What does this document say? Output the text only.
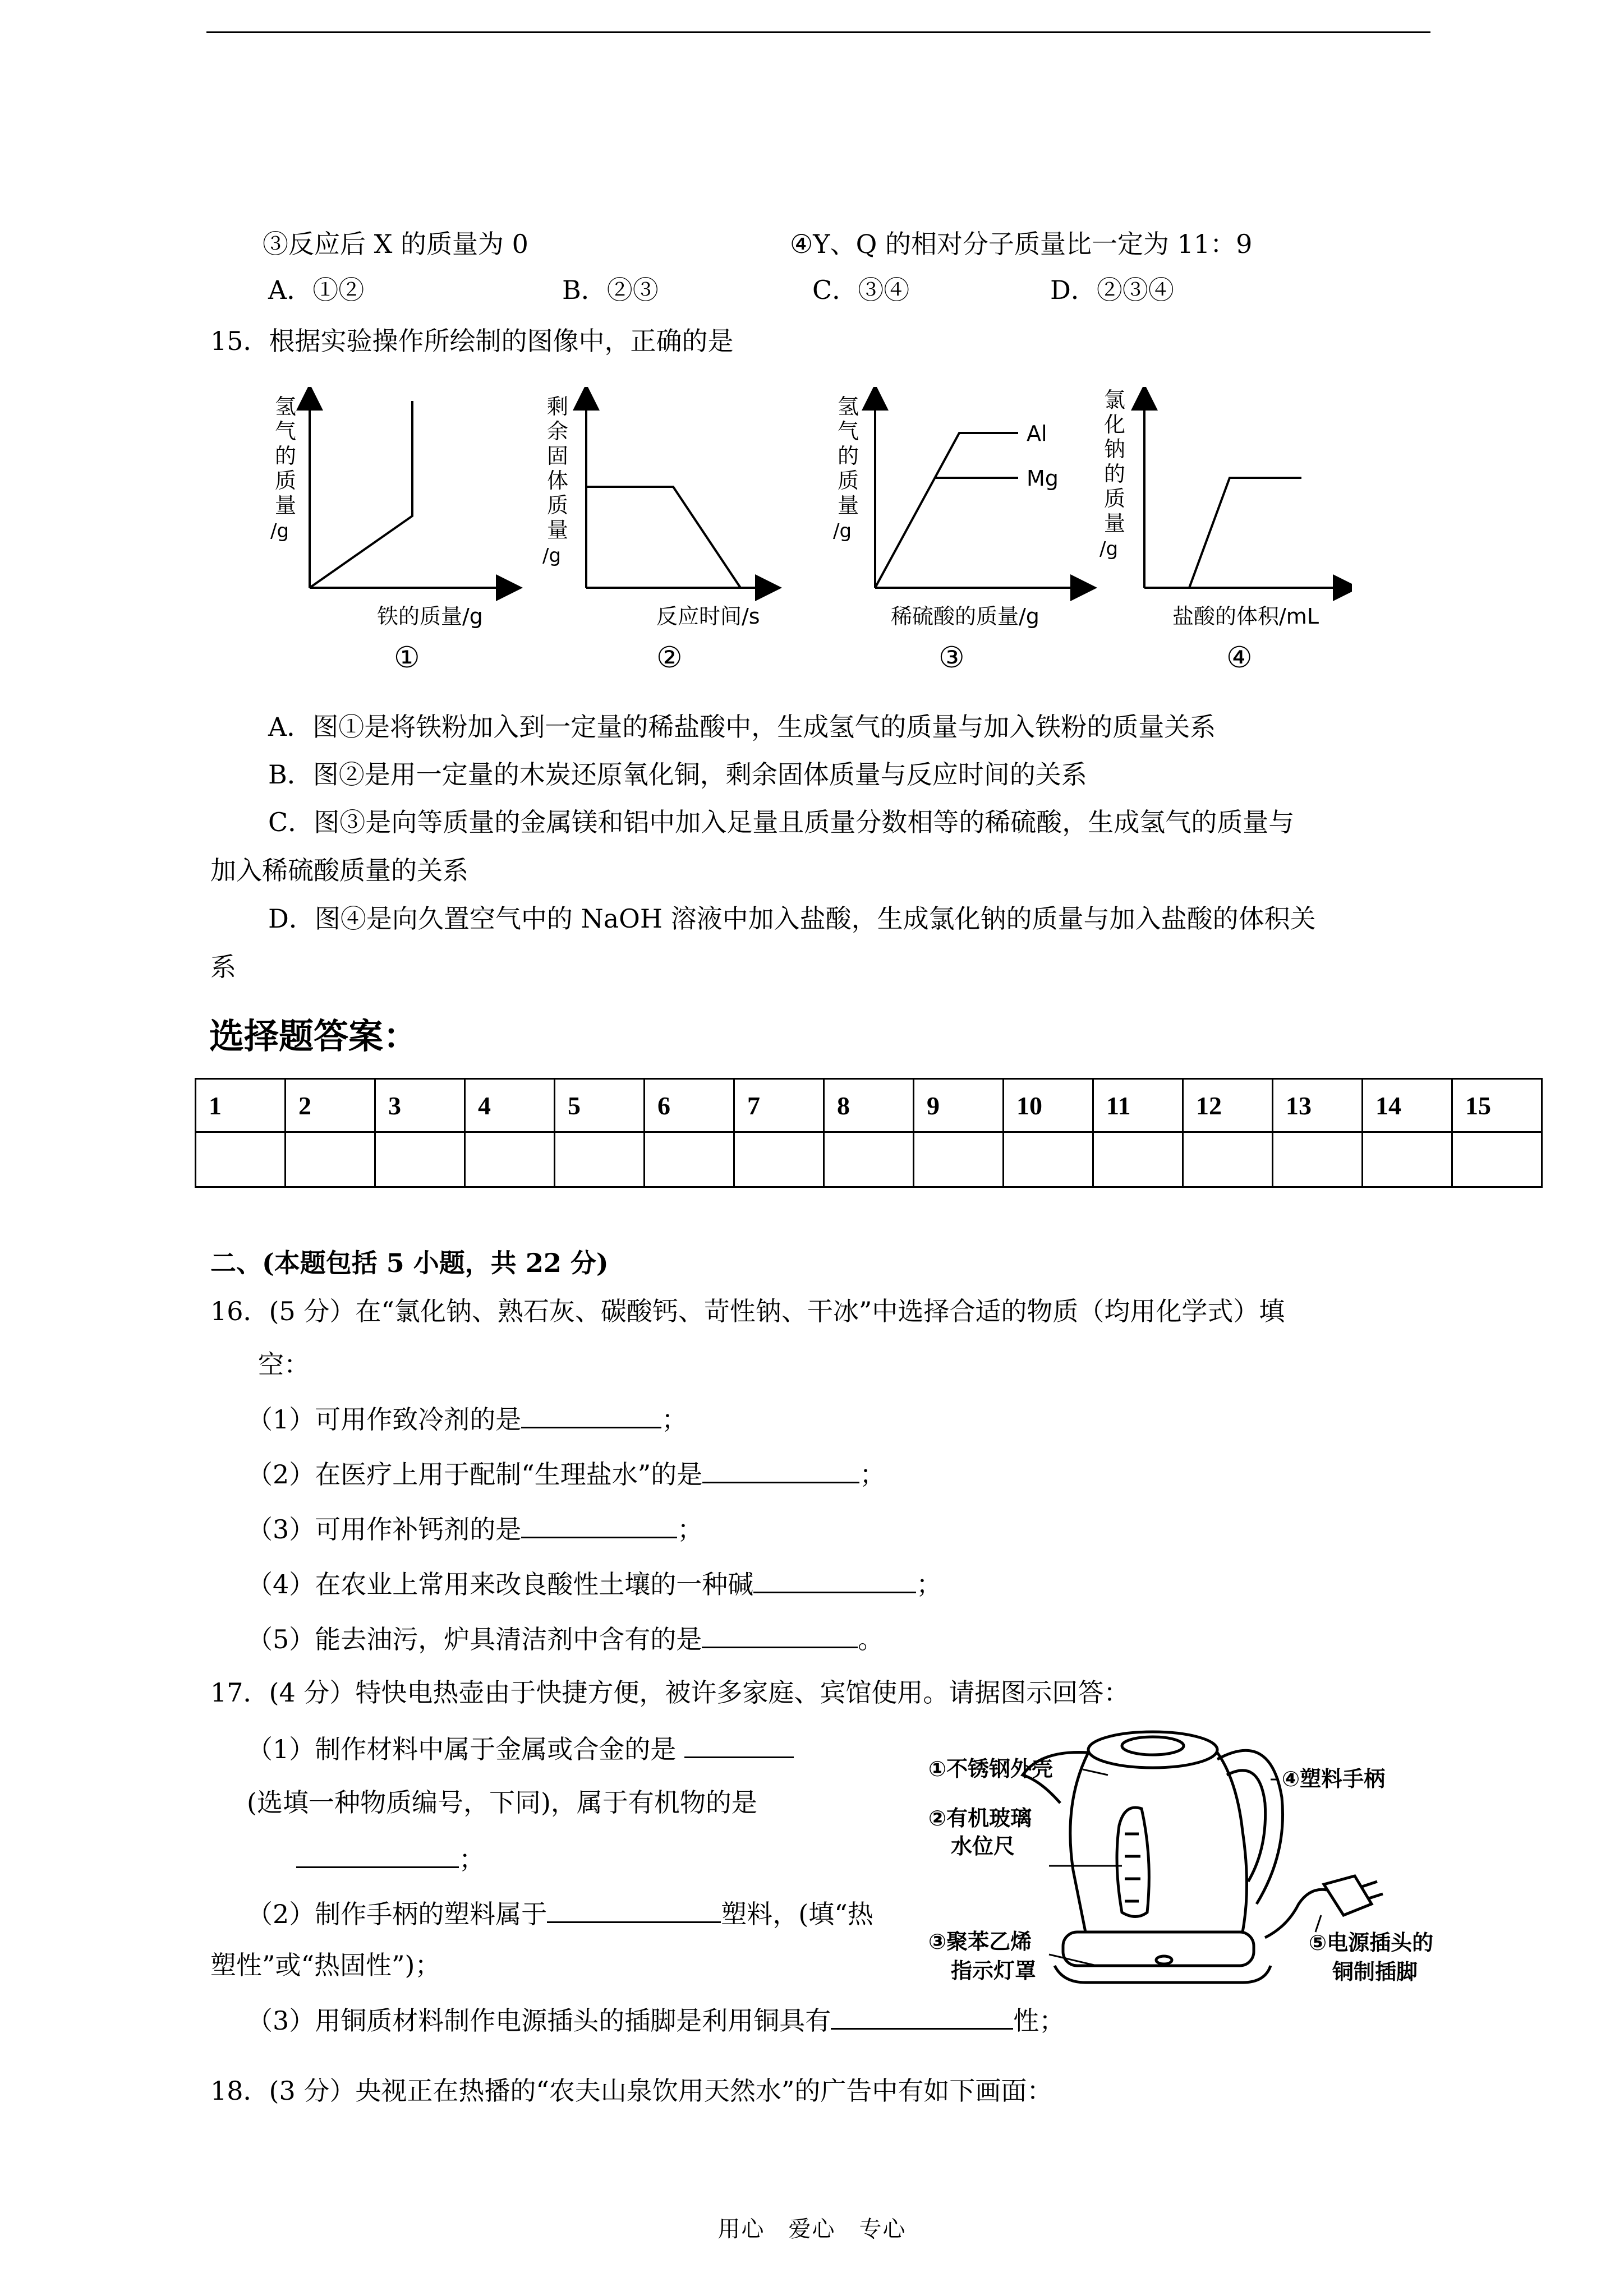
③反应后 X 的质量为 0	④Y、Q 的相对分子质量比一定为 11：9
A．①②	B．②③	C．③④	D．②③④
15．根据实验操作所绘制的图像中，正确的是
氢
气
的
质
量
/g
铁的质量/g
①
剩
余
固
体
质
量
/g
反应时间/s
②
Al
Mg
氢
气
的
质
量
/g
稀硫酸的质量/g
③
氯
化
钠
的
质
量
/g
盐酸的体积/mL
④
A．图①是将铁粉加入到一定量的稀盐酸中，生成氢气的质量与加入铁粉的质量关系
B．图②是用一定量的木炭还原氧化铜，剩余固体质量与反应时间的关系
C．图③是向等质量的金属镁和铝中加入足量且质量分数相等的稀硫酸，生成氢气的质量与
加入稀硫酸质量的关系
D．图④是向久置空气中的 NaOH 溶液中加入盐酸，生成氯化钠的质量与加入盐酸的体积关
系
选择题答案：
1	2	3	4	5	6	7	8	9	10	11	12	13	14	15

二、(本题包括 5 小题，共 22 分)
16．(5 分）在“氯化钠、熟石灰、碳酸钙、苛性钠、干冰”中选择合适的物质（均用化学式）填
空：
（1）可用作致冷剂的是	；
（2）在医疗上用于配制“生理盐水”的是	；
（3）可用作补钙剂的是	；
（4）在农业上常用来改良酸性土壤的一种碱	；
（5）能去油污，炉具清洁剂中含有的是	。
17．(4 分）特快电热壶由于快捷方便，被许多家庭、宾馆使用。请据图示回答：
（1）制作材料中属于金属或合金的是
(选填一种物质编号，下同)，属于有机物的是
；
（2）制作手柄的塑料属于	塑料，(填“热
塑性”或“热固性”)；
（3）用铜质材料制作电源插头的插脚是利用铜具有	性；
①不锈钢外壳
②有机玻璃
水位尺
③聚苯乙烯
指示灯罩
④塑料手柄
⑤电源插头的
铜制插脚
18．(3 分）央视正在热播的“农夫山泉饮用天然水”的广告中有如下画面：
用心　爱心　专心
